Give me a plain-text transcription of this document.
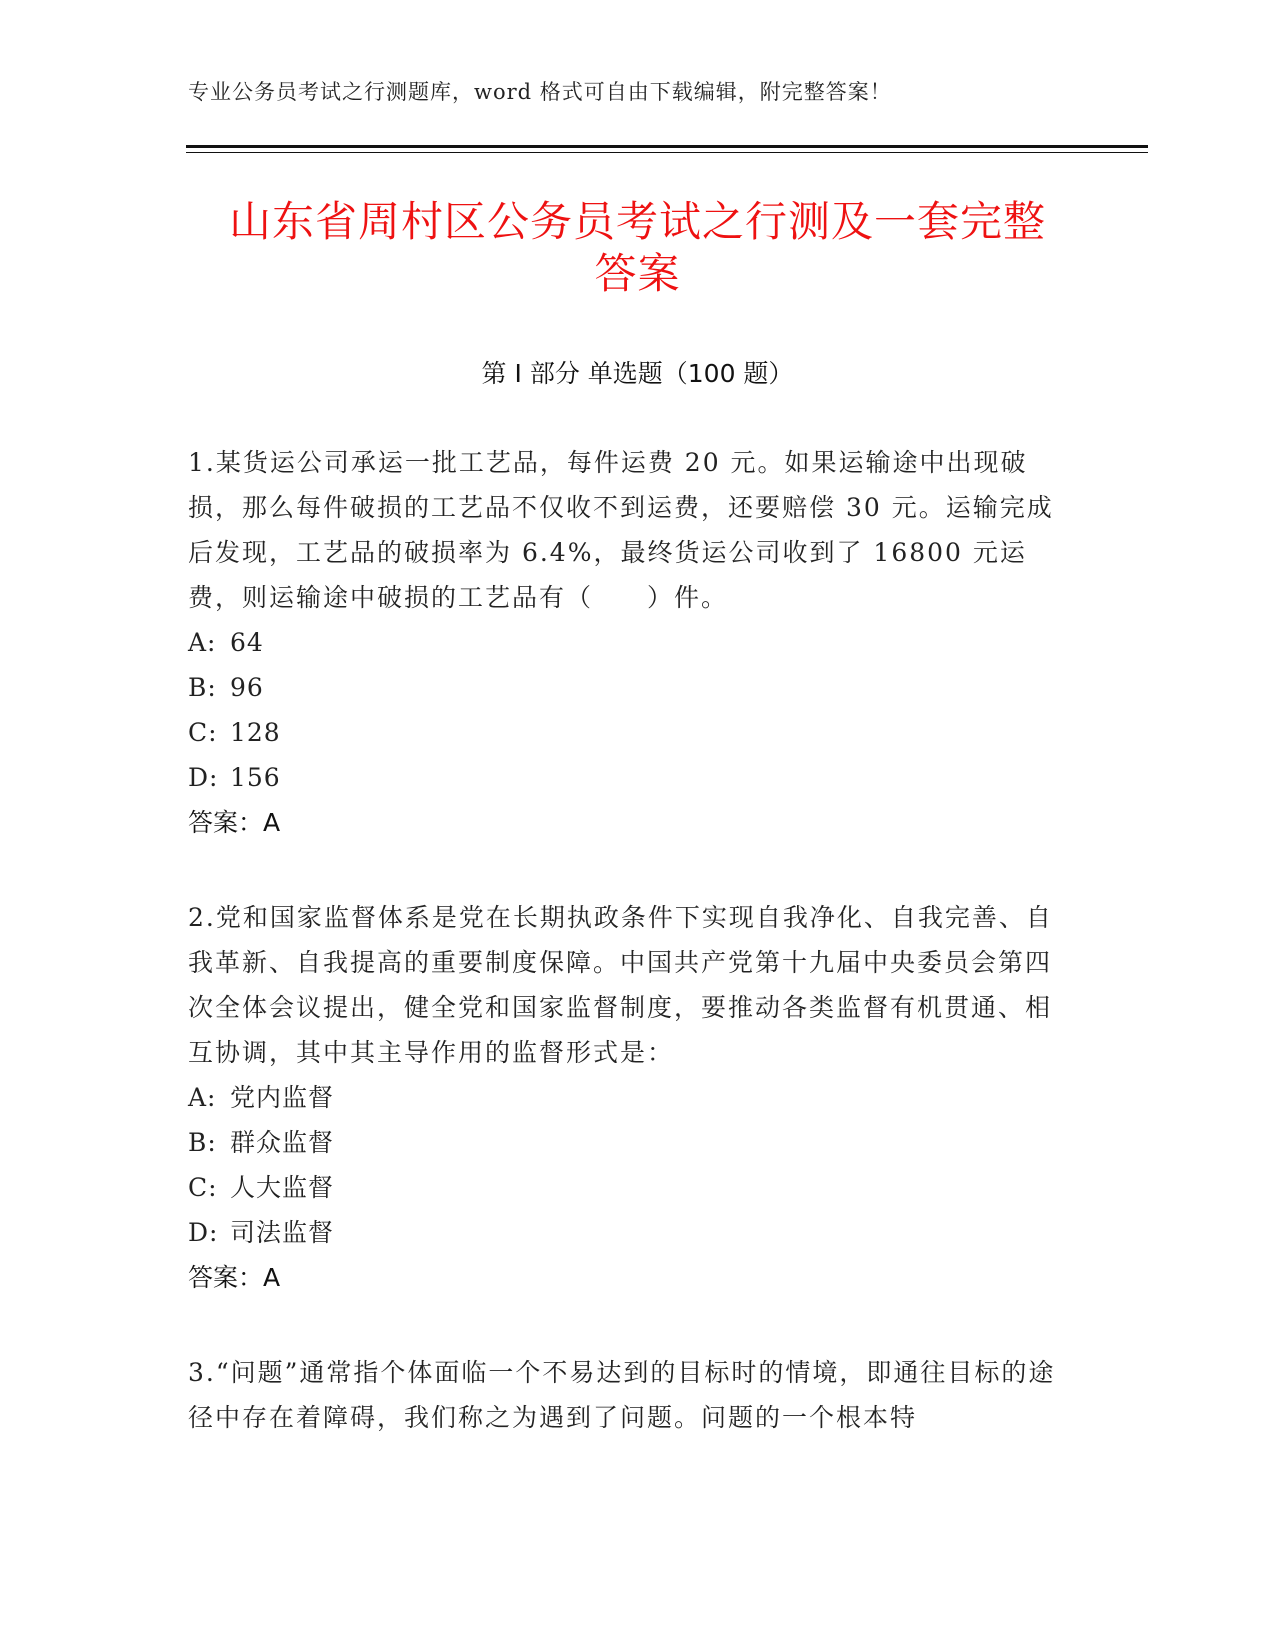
专业公务员考试之行测题库，word 格式可自由下载编辑，附完整答案！
山东省周村区公务员考试之行测及一套完整
答案
第 I 部分 单选题（100 题）

1.某货运公司承运一批工艺品，每件运费 20 元。如果运输途中出现破损，那么每件破损的工艺品不仅收不到运费，还要赔偿 30 元。运输完成后发现，工艺品的破损率为 6.4%，最终货运公司收到了 16800 元运费，则运输途中破损的工艺品有（　　）件。

A: 64
B: 96
C: 128
D: 156
答案：A

2.党和国家监督体系是党在长期执政条件下实现自我净化、自我完善、自我革新、自我提高的重要制度保障。中国共产党第十九届中央委员会第四次全体会议提出，健全党和国家监督制度，要推动各类监督有机贯通、相互协调，其中其主导作用的监督形式是：

A: 党内监督
B: 群众监督
C: 人大监督
D: 司法监督
答案：A

3.“问题”通常指个体面临一个不易达到的目标时的情境，即通往目标的途径中存在着障碍，我们称之为遇到了问题。问题的一个根本特
